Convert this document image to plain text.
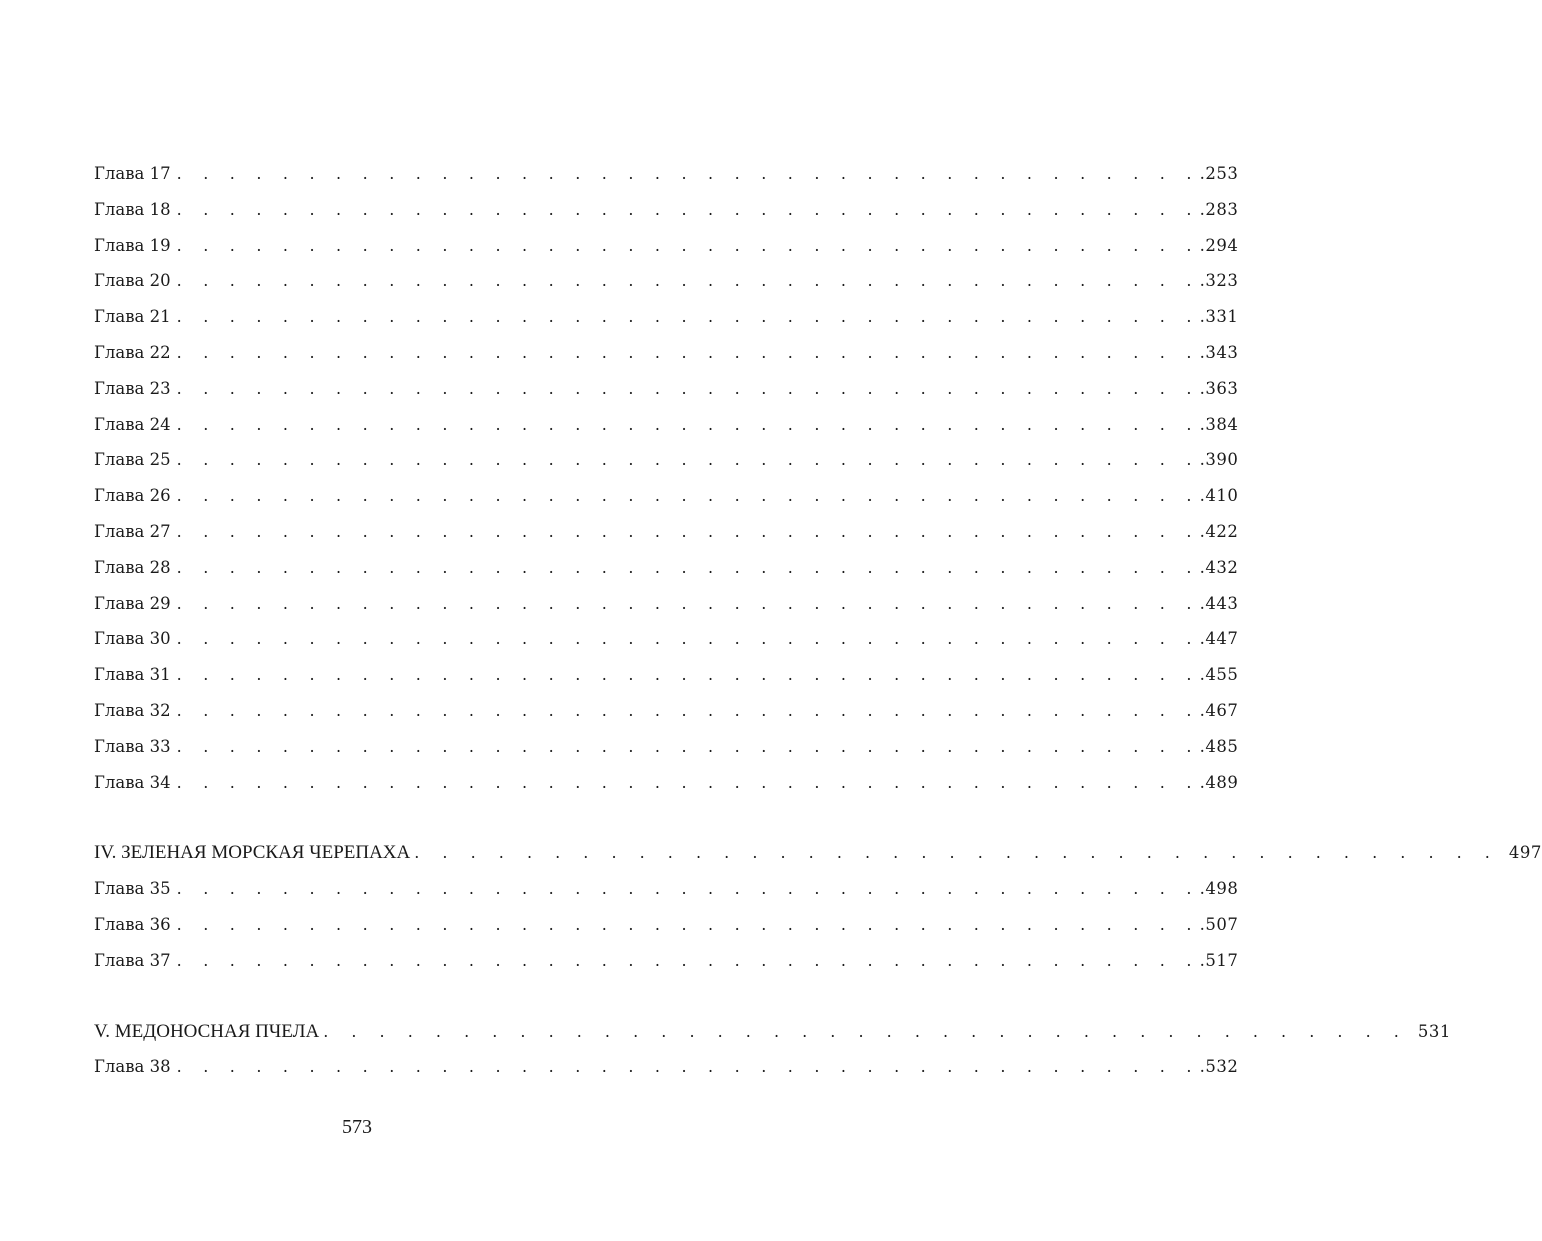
Глава 17 . . . . . . . . . . . . . . . . . . . . . . . . . . . . . . . . . . . . . . . .253
Глава 18 . . . . . . . . . . . . . . . . . . . . . . . . . . . . . . . . . . . . . . . .283
Глава 19 . . . . . . . . . . . . . . . . . . . . . . . . . . . . . . . . . . . . . . . .294
Глава 20 . . . . . . . . . . . . . . . . . . . . . . . . . . . . . . . . . . . . . . . .323
Глава 21 . . . . . . . . . . . . . . . . . . . . . . . . . . . . . . . . . . . . . . . .331
Глава 22 . . . . . . . . . . . . . . . . . . . . . . . . . . . . . . . . . . . . . . . .343
Глава 23 . . . . . . . . . . . . . . . . . . . . . . . . . . . . . . . . . . . . . . . .363
Глава 24 . . . . . . . . . . . . . . . . . . . . . . . . . . . . . . . . . . . . . . . .384
Глава 25 . . . . . . . . . . . . . . . . . . . . . . . . . . . . . . . . . . . . . . . .390
Глава 26 . . . . . . . . . . . . . . . . . . . . . . . . . . . . . . . . . . . . . . . .410
Глава 27 . . . . . . . . . . . . . . . . . . . . . . . . . . . . . . . . . . . . . . . .422
Глава 28 . . . . . . . . . . . . . . . . . . . . . . . . . . . . . . . . . . . . . . . .432
Глава 29 . . . . . . . . . . . . . . . . . . . . . . . . . . . . . . . . . . . . . . . .443
Глава 30 . . . . . . . . . . . . . . . . . . . . . . . . . . . . . . . . . . . . . . . .447
Глава 31 . . . . . . . . . . . . . . . . . . . . . . . . . . . . . . . . . . . . . . . .455
Глава 32 . . . . . . . . . . . . . . . . . . . . . . . . . . . . . . . . . . . . . . . .467
Глава 33 . . . . . . . . . . . . . . . . . . . . . . . . . . . . . . . . . . . . . . . .485
Глава 34 . . . . . . . . . . . . . . . . . . . . . . . . . . . . . . . . . . . . . . . .489
IV. ЗЕЛЕНАЯ МОРСКАЯ ЧЕРЕПАХА . . . . . . . . . . . . . . . . . . . . . . . . . . . . . . . . . . . . . . . 497
Глава 35 . . . . . . . . . . . . . . . . . . . . . . . . . . . . . . . . . . . . . . . .498
Глава 36 . . . . . . . . . . . . . . . . . . . . . . . . . . . . . . . . . . . . . . . .507
Глава 37 . . . . . . . . . . . . . . . . . . . . . . . . . . . . . . . . . . . . . . . .517
V. МЕДОНОСНАЯ ПЧЕЛА . . . . . . . . . . . . . . . . . . . . . . . . . . . . . . . . . . . . . . . 531
Глава 38 . . . . . . . . . . . . . . . . . . . . . . . . . . . . . . . . . . . . . . . .532
573
